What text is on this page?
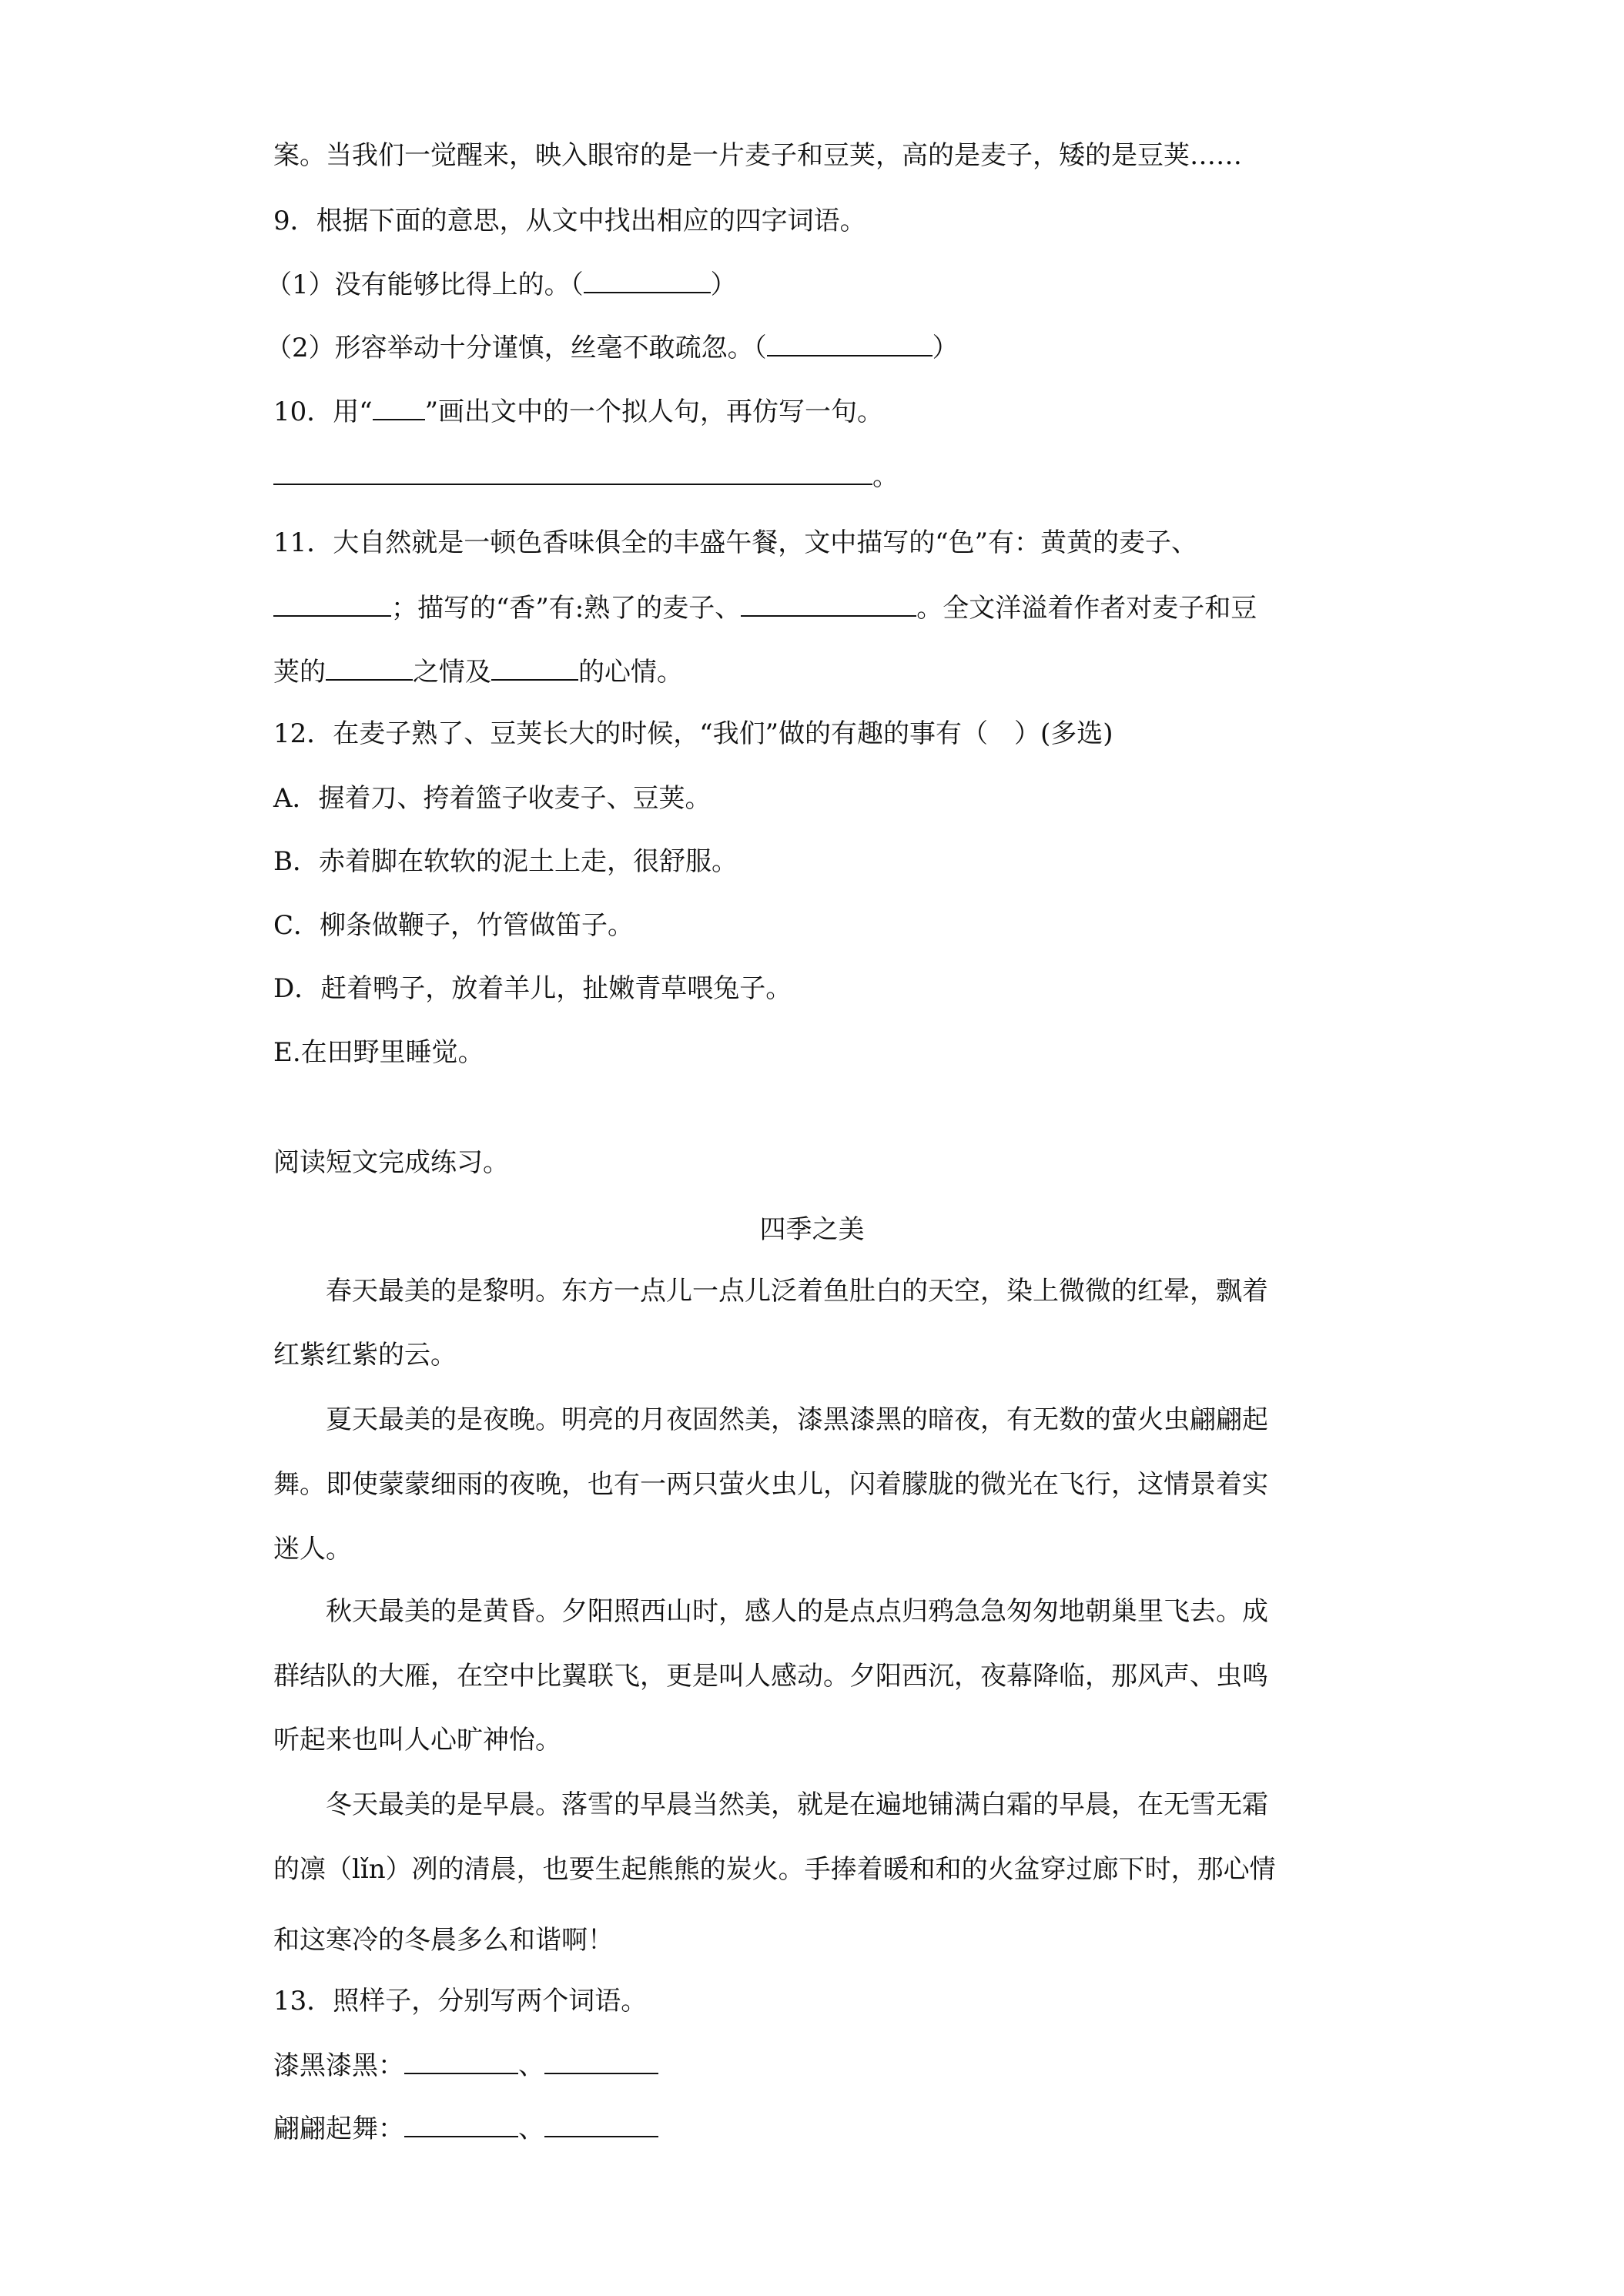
案。当我们一觉醒来，映入眼帘的是一片麦子和豆荚，高的是麦子，矮的是豆荚……
9．根据下面的意思，从文中找出相应的四字词语。
（1）没有能够比得上的。（	）
（2）形容举动十分谨慎，丝毫不敢疏忽。（	）
10．用“ ”画出文中的一个拟人句，再仿写一句。
。
11．大自然就是一顿色香味俱全的丰盛午餐，文中描写的“色”有：黄黄的麦子、
；描写的“香”有:熟了的麦子、	。全文洋溢着作者对麦子和豆
荚的	之情及	的心情。
12．在麦子熟了、豆荚长大的时候，“我们”做的有趣的事有（　）(多选)
A．握着刀、挎着篮子收麦子、豆荚。
B．赤着脚在软软的泥土上走，很舒服。
C．柳条做鞭子，竹管做笛子。
D．赶着鸭子，放着羊儿，扯嫩青草喂兔子。
E.在田野里睡觉。
阅读短文完成练习。
四季之美
春天最美的是黎明。东方一点儿一点儿泛着鱼肚白的天空，染上微微的红晕，飘着
红紫红紫的云。
夏天最美的是夜晚。明亮的月夜固然美，漆黑漆黑的暗夜，有无数的萤火虫翩翩起
舞。即使蒙蒙细雨的夜晚，也有一两只萤火虫儿，闪着朦胧的微光在飞行，这情景着实
迷人。
秋天最美的是黄昏。夕阳照西山时，感人的是点点归鸦急急匆匆地朝巢里飞去。成
群结队的大雁，在空中比翼联飞，更是叫人感动。夕阳西沉，夜幕降临，那风声、虫鸣
听起来也叫人心旷神怡。
冬天最美的是早晨。落雪的早晨当然美，就是在遍地铺满白霜的早晨，在无雪无霜
的凛（lǐn）冽的清晨，也要生起熊熊的炭火。手捧着暖和和的火盆穿过廊下时，那心情
和这寒冷的冬晨多么和谐啊！
13．照样子，分别写两个词语。
漆黑漆黑：	、
翩翩起舞：	、
